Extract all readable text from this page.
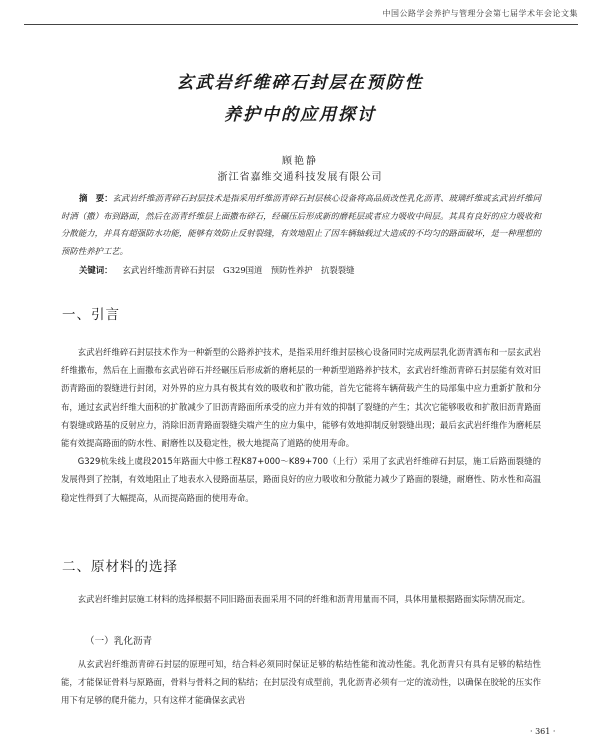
中国公路学会养护与管理分会第七届学术年会论文集
玄武岩纤维碎石封层在预防性
养护中的应用探讨
顾艳静
浙江省嘉维交通科技发展有限公司
摘　要：玄武岩纤维沥青碎石封层技术是指采用纤维沥青碎石封层核心设备将高品质改性乳化沥青、玻璃纤维或玄武岩纤维同时洒（撒）布到路面，然后在沥青纤维层上面撒布碎石，经碾压后形成新的磨耗层或者应力吸收中间层。其具有良好的应力吸收和分散能力，并具有超强防水功能，能够有效防止反射裂缝，有效地阻止了因车辆轴载过大造成的不均匀的路面破坏，是一种理想的预防性养护工艺。
关键词： 玄武岩纤维沥青碎石封层　G329国道　预防性养护　抗裂裂缝
一、引言

玄武岩纤维碎石封层技术作为一种新型的公路养护技术，是指采用纤维封层核心设备同时完成两层乳化沥青洒布和一层玄武岩纤维撒布，然后在上面撒布玄武岩碎石并经碾压后形成新的磨耗层的一种新型道路养护技术，玄武岩纤维沥青碎石封层能有效对旧沥青路面的裂缝进行封闭，对外界的应力具有极其有效的吸收和扩散功能，首先它能将车辆荷载产生的局部集中应力重新扩散和分布，通过玄武岩纤维大面积的扩散减少了旧沥青路面所承受的应力并有效的抑制了裂缝的产生；其次它能够吸收和扩散旧沥青路面有裂缝或路基的反射应力，消除旧沥青路面裂缝尖端产生的应力集中，能够有效地抑制反射裂缝出现；最后玄武岩纤维作为磨耗层能有效提高路面的防水性、耐磨性以及稳定性，极大地提高了道路的使用寿命。

G329杭朱线上虞段2015年路面大中修工程K87+000～K89+700（上行）采用了玄武岩纤维碎石封层，施工后路面裂缝的发展得到了控制，有效地阻止了地表水入侵路面基层，路面良好的应力吸收和分散能力减少了路面的裂缝，耐磨性、防水性和高温稳定性得到了大幅提高，从而提高路面的使用寿命。

二、原材料的选择

玄武岩纤维封层施工材料的选择根据不同旧路面表面采用不同的纤维和沥青用量而不同，具体用量根据路面实际情况而定。

（一）乳化沥青

从玄武岩纤维沥青碎石封层的原理可知，结合料必须同时保证足够的粘结性能和流动性能。乳化沥青只有具有足够的粘结性能，才能保证骨料与原路面，骨料与骨料之间的粘结；在封层没有成型前，乳化沥青必须有一定的流动性，以确保在胶轮的压实作用下有足够的爬升能力，只有这样才能确保玄武岩

· 361 ·
